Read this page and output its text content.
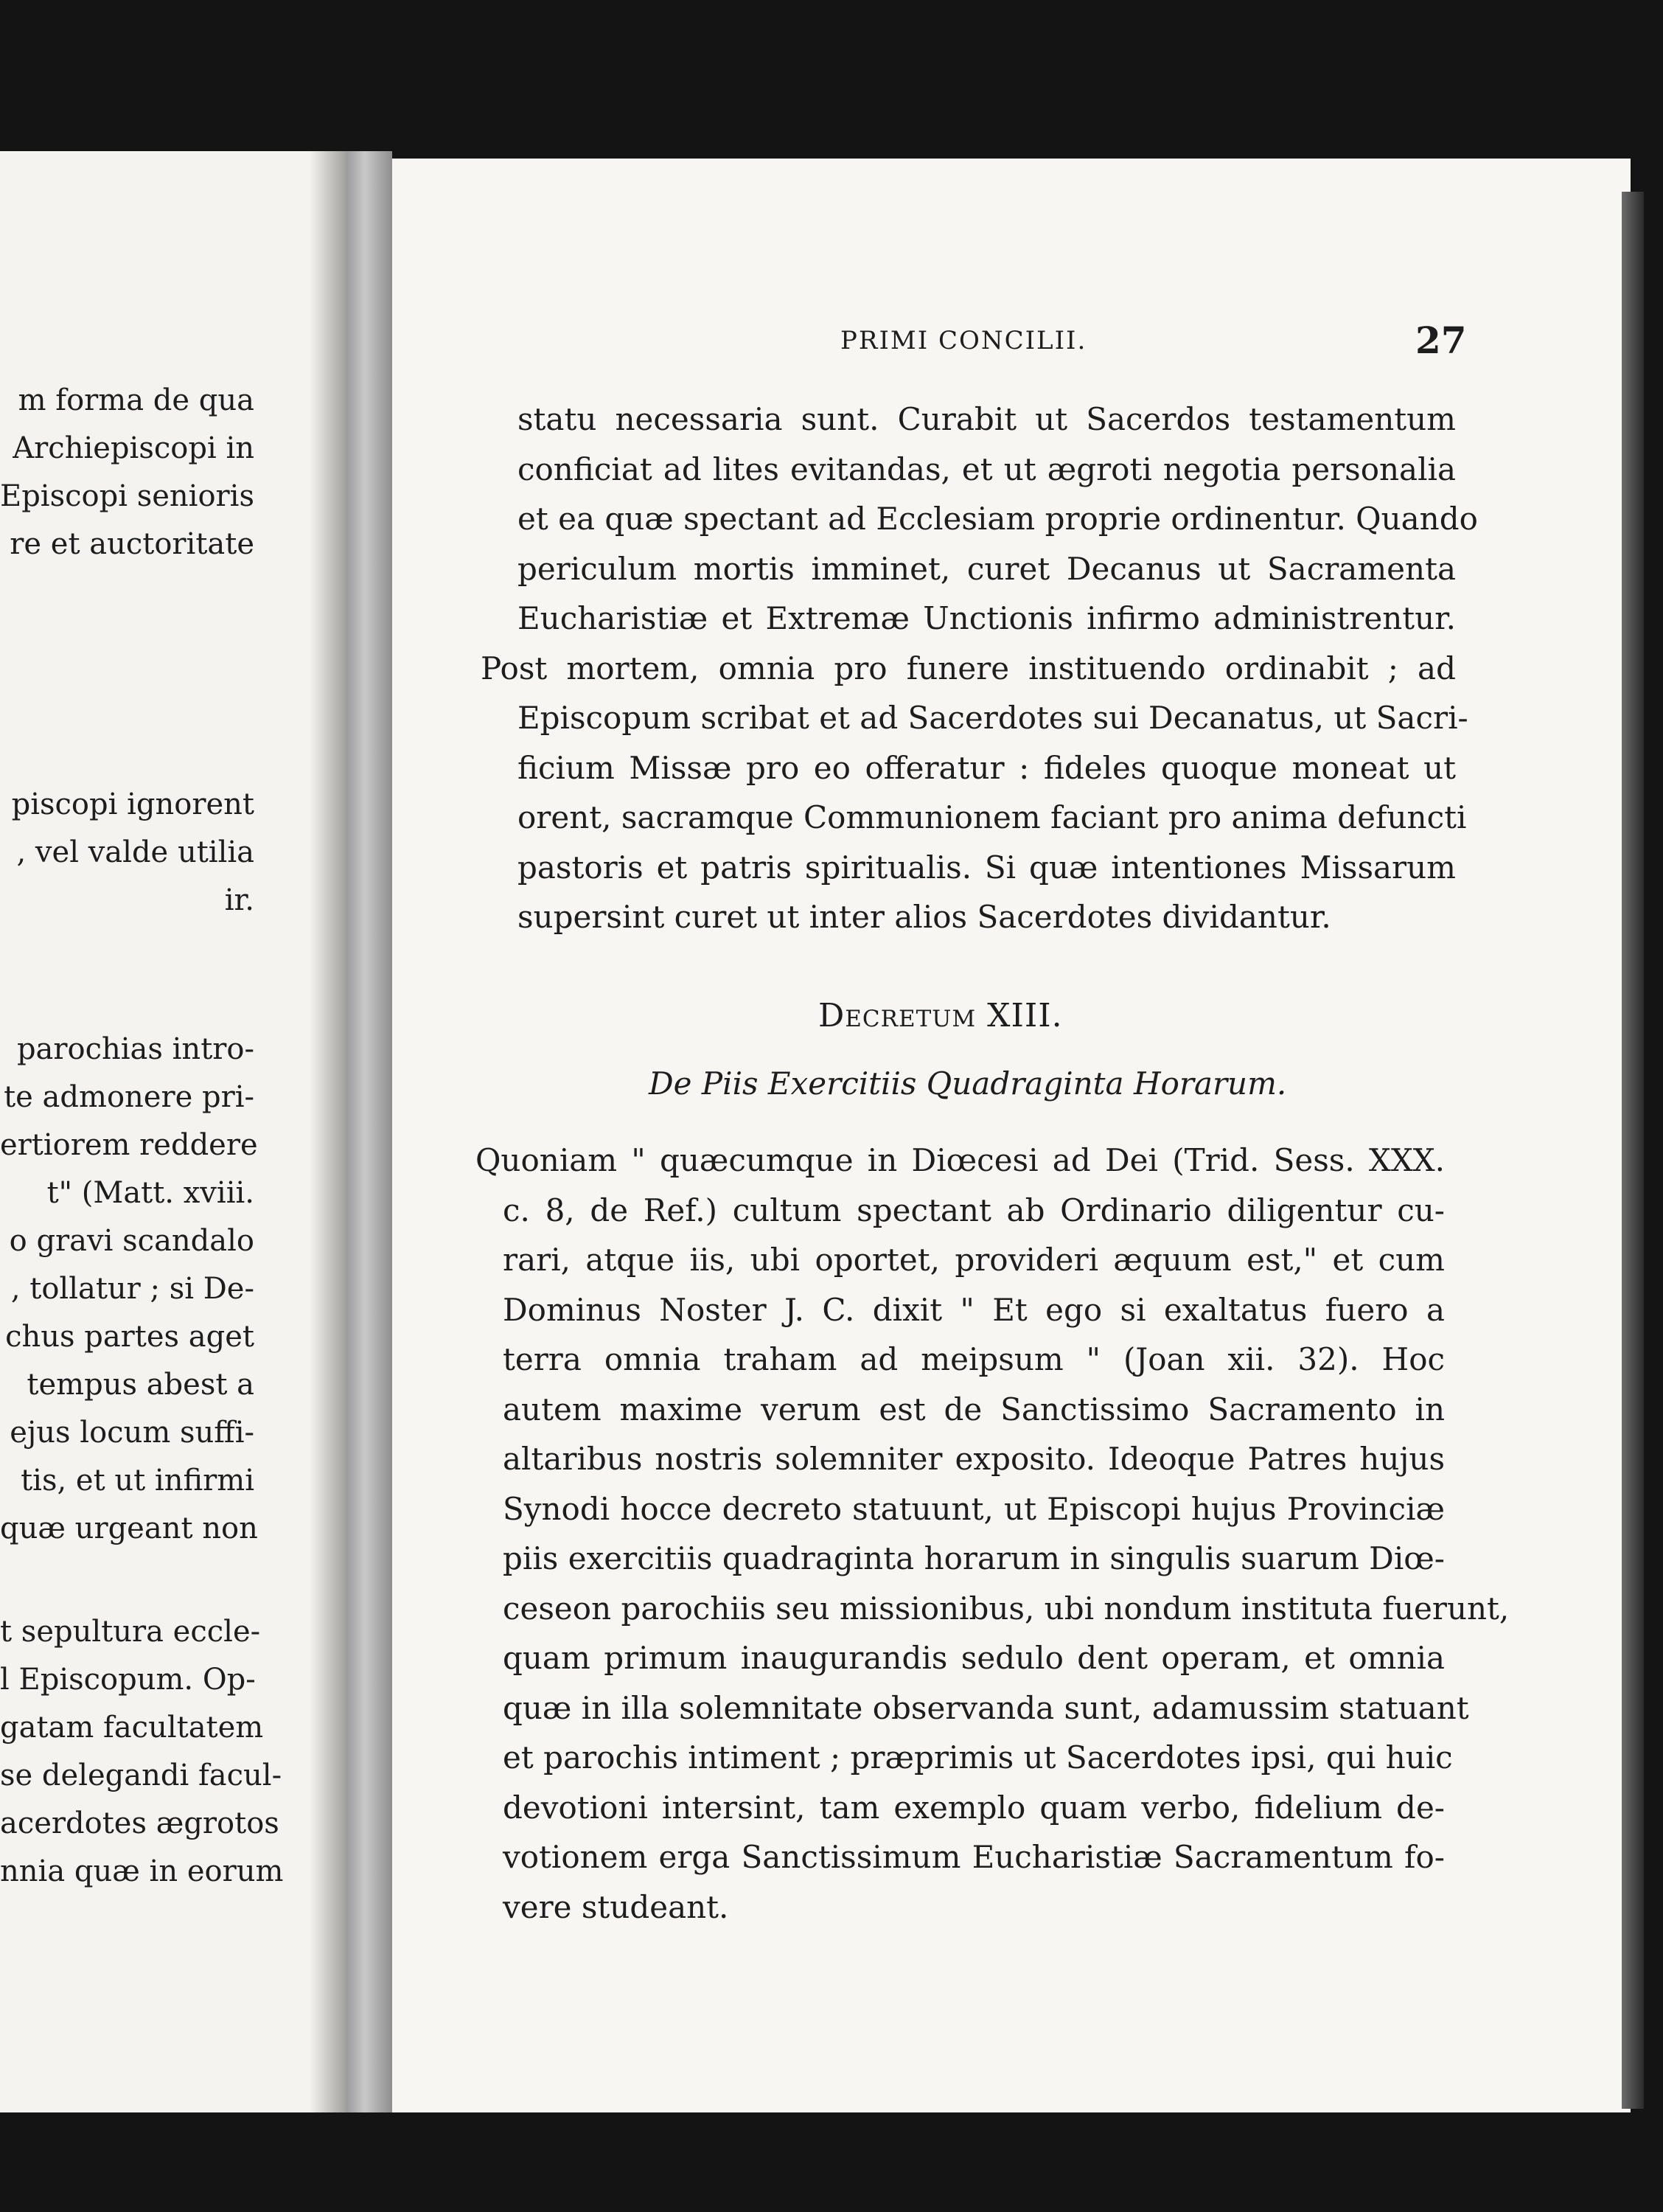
m forma de qua
Archiepiscopi in
Episcopi senioris
re et auctoritate
piscopi ignorent
, vel valde utilia
ir.
parochias intro-
te admonere pri-
ertiorem reddere
t" (Matt. xviii.
o gravi scandalo
, tollatur ; si De-
chus partes aget
tempus abest a
ejus locum suffi-
tis, et ut infirmi
quæ urgeant non
t sepultura eccle-
l Episcopum. Op-
gatam facultatem
se delegandi facul-
acerdotes ægrotos
nnia quæ in eorum
PRIMI CONCILII.	27
statu necessaria sunt. Curabit ut Sacerdos testamentum
conficiat ad lites evitandas, et ut ægroti negotia personalia
et ea quæ spectant ad Ecclesiam proprie ordinentur. Quando
periculum mortis imminet, curet Decanus ut Sacramenta
Eucharistiæ et Extremæ Unctionis infirmo administrentur.
Post mortem, omnia pro funere instituendo ordinabit ; ad
Episcopum scribat et ad Sacerdotes sui Decanatus, ut Sacri-
ficium Missæ pro eo offeratur : fideles quoque moneat ut
orent, sacramque Communionem faciant pro anima defuncti
pastoris et patris spiritualis. Si quæ intentiones Missarum
supersint curet ut inter alios Sacerdotes dividantur.
Decretum XIII.
De Piis Exercitiis Quadraginta Horarum.
Quoniam " quæcumque in Diœcesi ad Dei (Trid. Sess. XXX.
c. 8, de Ref.) cultum spectant ab Ordinario diligentur cu-
rari, atque iis, ubi oportet, provideri æquum est," et cum
Dominus Noster J. C. dixit " Et ego si exaltatus fuero a
terra omnia traham ad meipsum " (Joan xii. 32). Hoc
autem maxime verum est de Sanctissimo Sacramento in
altaribus nostris solemniter exposito. Ideoque Patres hujus
Synodi hocce decreto statuunt, ut Episcopi hujus Provinciæ
piis exercitiis quadraginta horarum in singulis suarum Diœ-
ceseon parochiis seu missionibus, ubi nondum instituta fuerunt,
quam primum inaugurandis sedulo dent operam, et omnia
quæ in illa solemnitate observanda sunt, adamussim statuant
et parochis intiment ; præprimis ut Sacerdotes ipsi, qui huic
devotioni intersint, tam exemplo quam verbo, fidelium de-
votionem erga Sanctissimum Eucharistiæ Sacramentum fo-
vere studeant.
